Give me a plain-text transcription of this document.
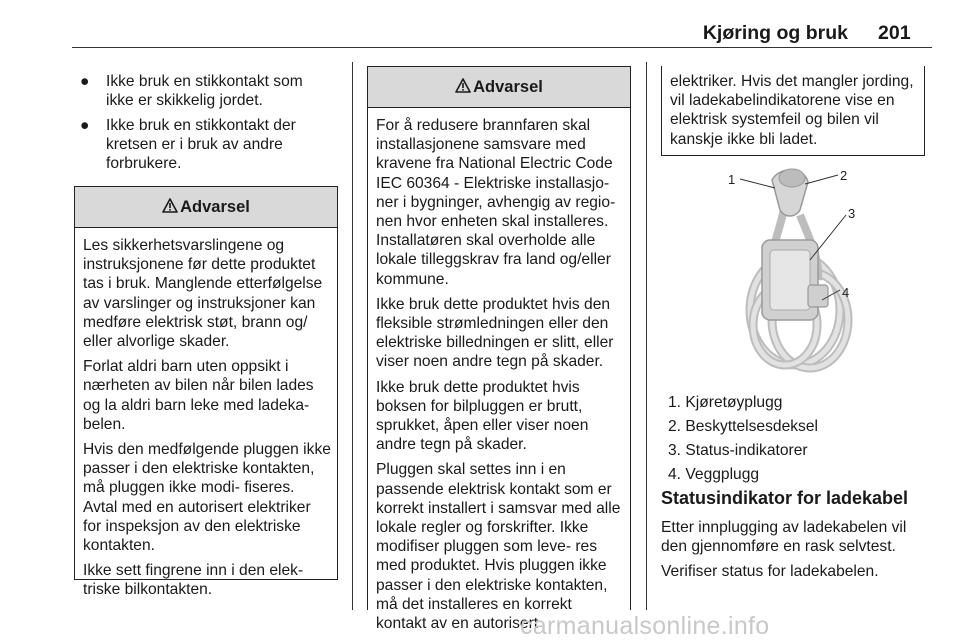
Kjøring og bruk 201
● Ikke bruk en stikkontakt som
ikke er skikkelig jordet.
● Ikke bruk en stikkontakt der
kretsen er i bruk av andre
forbrukere.
Advarsel

Les sikkerhetsvarslingene og instruksjonene før dette produktet tas i bruk. Manglende etterfølgelse av varslinger og instruksjoner kan medføre elektrisk støt, brann og/ eller alvorlige skader.

Forlat aldri barn uten oppsikt i nærheten av bilen når bilen lades og la aldri barn leke med ladeka- belen.

Hvis den medfølgende pluggen ikke passer i den elektriske kontakten, må pluggen ikke modi- fiseres. Avtal med en autorisert elektriker for inspeksjon av den elektriske kontakten.

Ikke sett fingrene inn i den elek- triske bilkontakten.

Advarsel

For å redusere brannfaren skal installasjonene samsvare med kravene fra National Electric Code IEC 60364 - Elektriske installasjo- ner i bygninger, avhengig av regio- nen hvor enheten skal installeres. Installatøren skal overholde alle lokale tilleggskrav fra land og/eller kommune.

Ikke bruk dette produktet hvis den fleksible strømledningen eller den elektriske billedningen er slitt, eller viser noen andre tegn på skader.

Ikke bruk dette produktet hvis boksen for bilpluggen er brutt, sprukket, åpen eller viser noen andre tegn på skader.

Pluggen skal settes inn i en passende elektrisk kontakt som er korrekt installert i samsvar med alle lokale regler og forskrifter. Ikke modifiser pluggen som leve- res med produktet. Hvis pluggen ikke passer i den elektriske kontakten, må det installeres en korrekt kontakt av en autorisert

elektriker. Hvis det mangler jording, vil ladekabelindikatorene vise en elektrisk systemfeil og bilen vil kanskje ikke bli ladet.
1	2
3
4
1. Kjøretøyplugg
2. Beskyttelsesdeksel
3. Status-indikatorer
4. Veggplugg
Statusindikator for ladekabel
Etter innplugging av ladekabelen vil den gjennomføre en rask selvtest.
Verifiser status for ladekabelen.
carmanualsonline.info
